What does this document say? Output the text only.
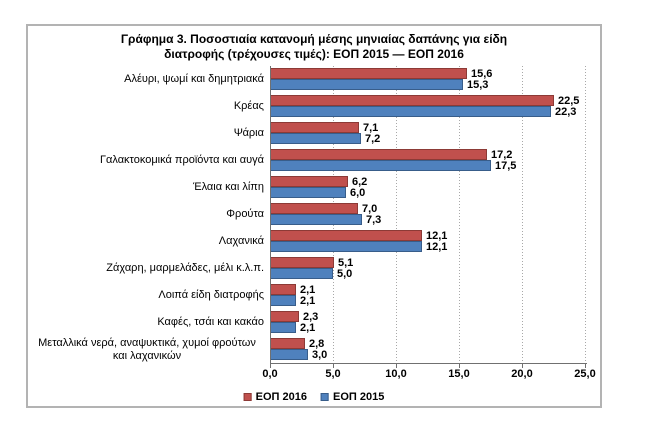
Γράφημα 3. Ποσοστιαία κατανομή μέσης μηνιαίας δαπάνης για είδη
διατροφής (τρέχουσες τιμές): ΕΟΠ 2015 — ΕΟΠ 2016
Αλέυρι, ψωμί και δημητριακά
Κρέας
Ψάρια
Γαλακτοκομικά προϊόντα και αυγά
Έλαια και λίπη
Φρούτα
Λαχανικά
Ζάχαρη, μαρμελάδες, μέλι κ.λ.π.
Λοιπά είδη διατροφής
Καφές, τσάι και κακάο
Μεταλλικά νερά, αναψυκτικά, χυμοί φρούτων και λαχανικών
15,6
15,3
22,5
22,3
7,1
7,2
17,2
17,5
6,2
6,0
7,0
7,3
12,1
12,1
5,1
5,0
2,1
2,1
2,3
2,1
2,8
3,0
0,0	5,0	10,0	15,0	20,0	25,0
ΕΟΠ 2016 ΕΟΠ 2015
